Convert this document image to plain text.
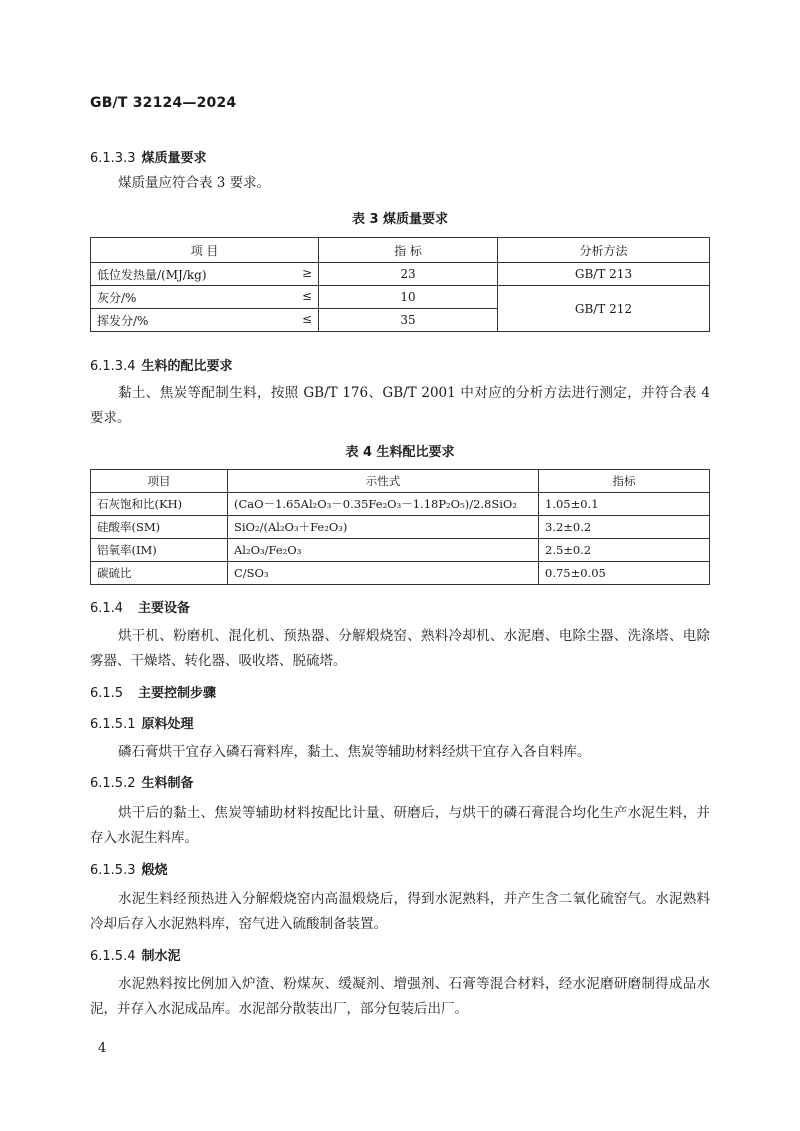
GB/T 32124—2024
6.1.3.3 煤质量要求
煤质量应符合表 3 要求。
表 3 煤质量要求
项 目	指 标	分析方法
低位发热量/(MJ/kg) ≥	23	GB/T 213
灰分/% ≤	10	GB/T 212
挥发分/% ≤	35	
6.1.3.4 生料的配比要求
黏土、焦炭等配制生料，按照 GB/T 176、GB/T 2001 中对应的分析方法进行测定，并符合表 4 要求。
表 4 生料配比要求
项目	示性式	指标
石灰饱和比(KH)	(CaO－1.65Al₂O₃－0.35Fe₂O₃－1.18P₂O₅)/2.8SiO₂	1.05±0.1
硅酸率(SM)	SiO₂/(Al₂O₃＋Fe₂O₃)	3.2±0.2
铝氧率(IM)	Al₂O₃/Fe₂O₃	2.5±0.2
碳硫比	C/SO₃	0.75±0.05
6.1.4 主要设备
烘干机、粉磨机、混化机、预热器、分解煅烧窑、熟料冷却机、水泥磨、电除尘器、洗涤塔、电除雾器、干燥塔、转化器、吸收塔、脱硫塔。
6.1.5 主要控制步骤
6.1.5.1 原料处理
磷石膏烘干宜存入磷石膏料库，黏土、焦炭等辅助材料经烘干宜存入各自料库。
6.1.5.2 生料制备
烘干后的黏土、焦炭等辅助材料按配比计量、研磨后，与烘干的磷石膏混合均化生产水泥生料，并存入水泥生料库。
6.1.5.3 煅烧
水泥生料经预热进入分解煅烧窑内高温煅烧后，得到水泥熟料，并产生含二氧化硫窑气。水泥熟料冷却后存入水泥熟料库，窑气进入硫酸制备装置。
6.1.5.4 制水泥
水泥熟料按比例加入炉渣、粉煤灰、缓凝剂、增强剂、石膏等混合材料，经水泥磨研磨制得成品水泥，并存入水泥成品库。水泥部分散装出厂，部分包装后出厂。
4
